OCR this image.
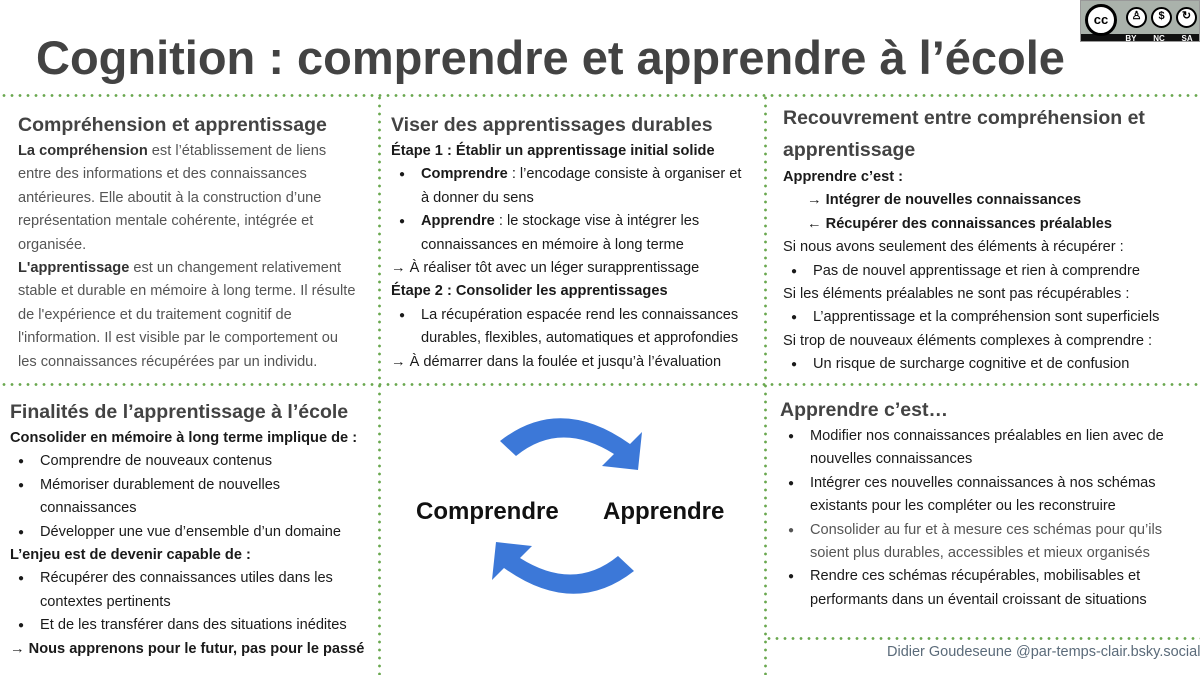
Cognition : comprendre et apprendre à l’école
cc	♙	$	↻
BY NC SA
Compréhension et apprentissage
La compréhension est l’établissement de liens
entre des informations et des connaissances
antérieures. Elle aboutit à la construction d’une
représentation mentale cohérente, intégrée et
organisée.
L'apprentissage est un changement relativement
stable et durable en mémoire à long terme. Il résulte
de l'expérience et du traitement cognitif de
l'information. Il est visible par le comportement ou
les connaissances récupérées par un individu.
Viser des apprentissages durables
Étape 1 : Établir un apprentissage initial solide
● Comprendre : l’encodage consiste à organiser et
à donner du sens
● Apprendre : le stockage vise à intégrer les
connaissances en mémoire à long terme
→ À réaliser tôt avec un léger surapprentissage
Étape 2 : Consolider les apprentissages
● La récupération espacée rend les connaissances
durables, flexibles, automatiques et approfondies
→ À démarrer dans la foulée et jusqu’à l’évaluation
Recouvrement entre compréhension et
apprentissage
Apprendre c’est :
→ Intégrer de nouvelles connaissances
← Récupérer des connaissances préalables
Si nous avons seulement des éléments à récupérer :
● Pas de nouvel apprentissage et rien à comprendre
Si les éléments préalables ne sont pas récupérables :
● L’apprentissage et la compréhension sont superficiels
Si trop de nouveaux éléments complexes à comprendre :
● Un risque de surcharge cognitive et de confusion
Finalités de l’apprentissage à l’école
Consolider en mémoire à long terme implique de :
● Comprendre de nouveaux contenus
● Mémoriser durablement de nouvelles
connaissances
● Développer une vue d’ensemble d’un domaine
L’enjeu est de devenir capable de :
● Récupérer des connaissances utiles dans les
contextes pertinents
● Et de les transférer dans des situations inédites
→ Nous apprenons pour le futur, pas pour le passé
Comprendre Apprendre
Apprendre c’est…
● Modifier nos connaissances préalables en lien avec de
nouvelles connaissances
● Intégrer ces nouvelles connaissances à nos schémas
existants pour les compléter ou les reconstruire
● Consolider au fur et à mesure ces schémas pour qu’ils
soient plus durables, accessibles et mieux organisés
● Rendre ces schémas récupérables, mobilisables et
performants dans un éventail croissant de situations
Didier Goudeseune @par-temps-clair.bsky.social
